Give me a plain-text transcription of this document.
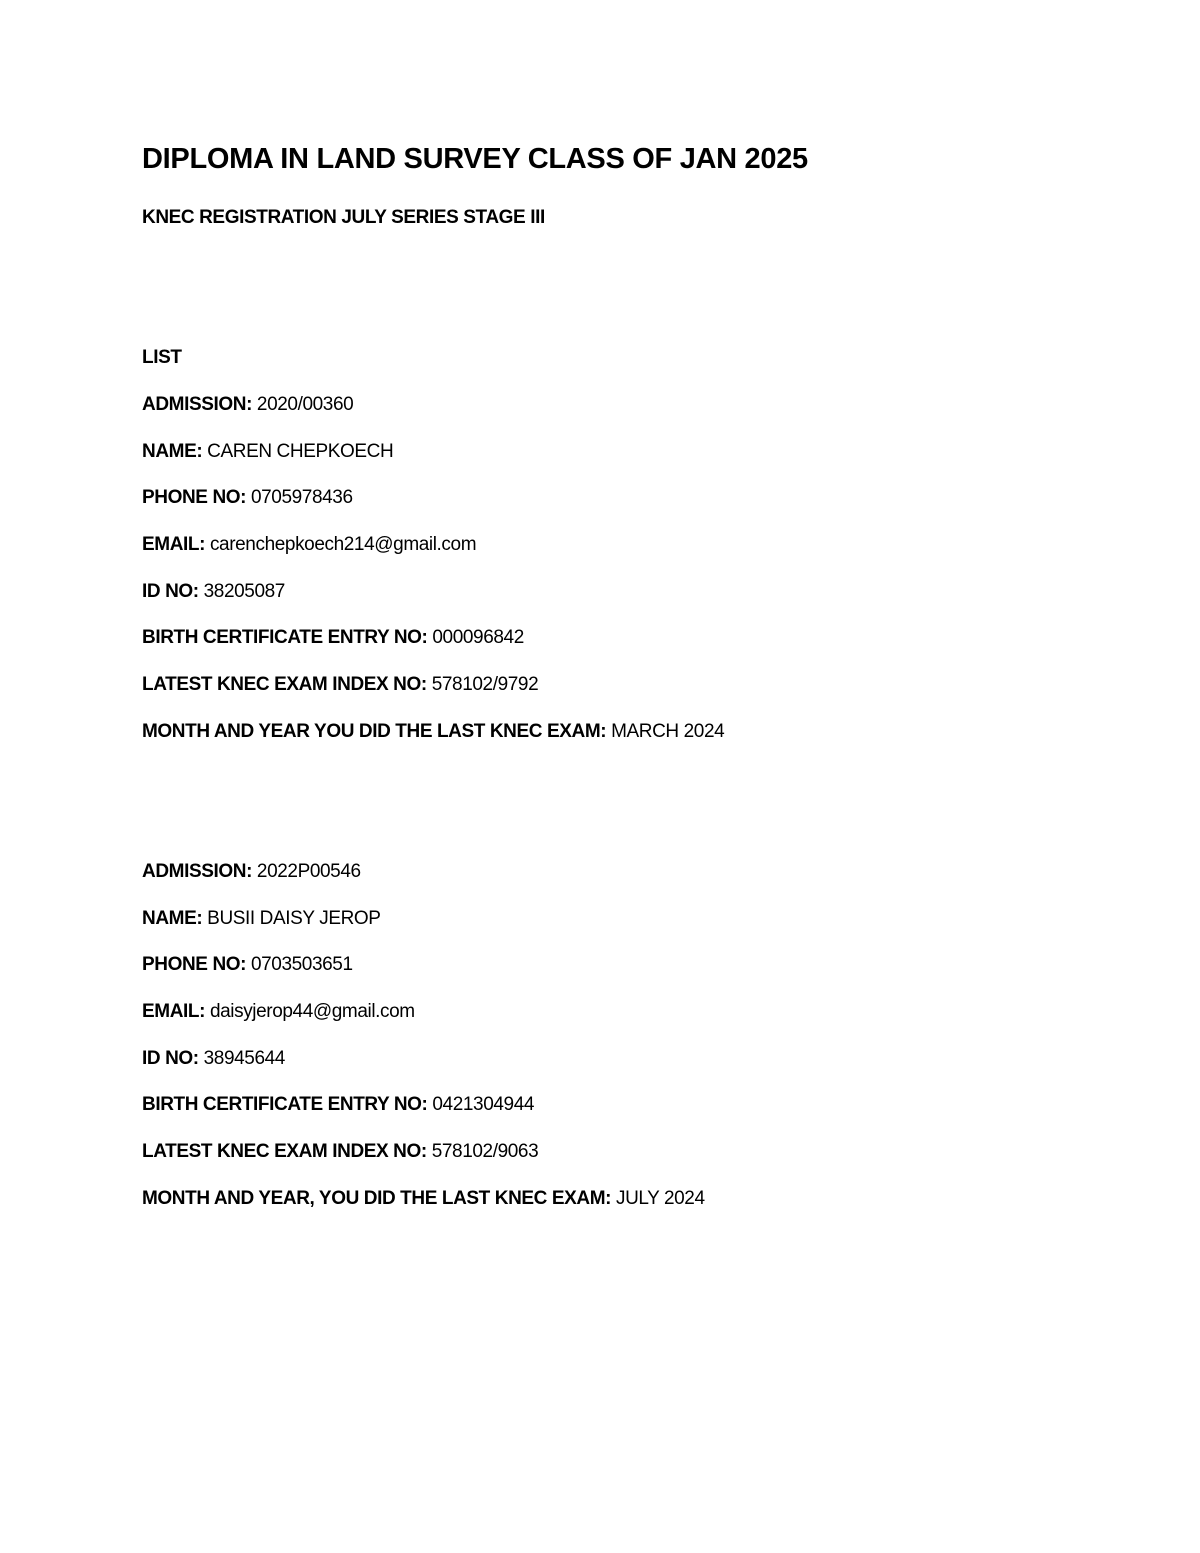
DIPLOMA IN LAND SURVEY CLASS OF JAN 2025
KNEC REGISTRATION JULY SERIES STAGE III
LIST
ADMISSION: 2020/00360
NAME: CAREN CHEPKOECH
PHONE NO: 0705978436
EMAIL: carenchepkoech214@gmail.com
ID NO: 38205087
BIRTH CERTIFICATE ENTRY NO: 000096842
LATEST KNEC EXAM INDEX NO: 578102/9792
MONTH AND YEAR YOU DID THE LAST KNEC EXAM: MARCH 2024
ADMISSION: 2022P00546
NAME: BUSII DAISY JEROP
PHONE NO: 0703503651
EMAIL: daisyjerop44@gmail.com
ID NO: 38945644
BIRTH CERTIFICATE ENTRY NO: 0421304944
LATEST KNEC EXAM INDEX NO: 578102/9063
MONTH AND YEAR, YOU DID THE LAST KNEC EXAM: JULY 2024
